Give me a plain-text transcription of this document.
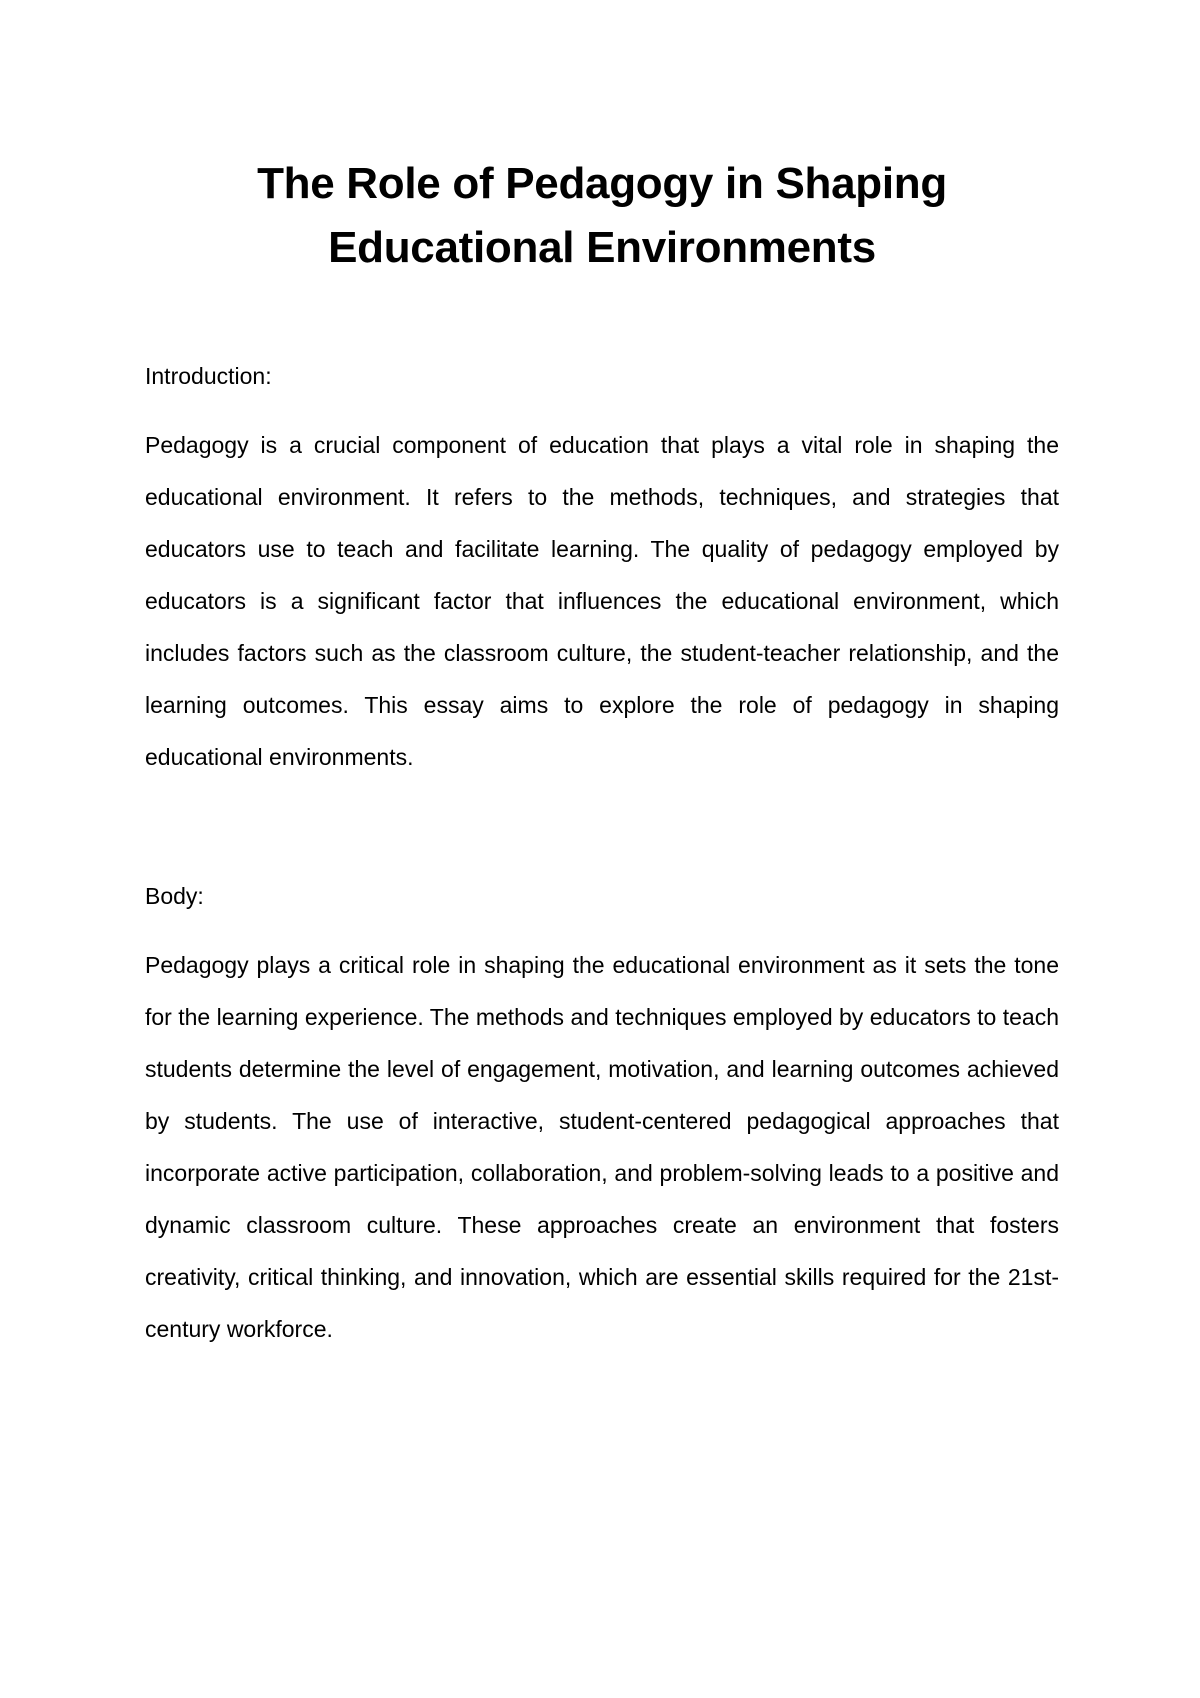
The Role of Pedagogy in Shaping
Educational Environments
Introduction:

Pedagogy is a crucial component of education that plays a vital role in shaping the educational environment. It refers to the methods, techniques, and strategies that educators use to teach and facilitate learning. The quality of pedagogy employed by educators is a significant factor that influences the educational environment, which includes factors such as the classroom culture, the student-teacher relationship, and the learning outcomes. This essay aims to explore the role of pedagogy in shaping educational environments.

Body:

Pedagogy plays a critical role in shaping the educational environment as it sets the tone for the learning experience. The methods and techniques employed by educators to teach students determine the level of engagement, motivation, and learning outcomes achieved by students. The use of interactive, student-centered pedagogical approaches that incorporate active participation, collaboration, and problem-solving leads to a positive and dynamic classroom culture. These approaches create an environment that fosters creativity, critical thinking, and innovation, which are essential skills required for the 21st-century workforce.
